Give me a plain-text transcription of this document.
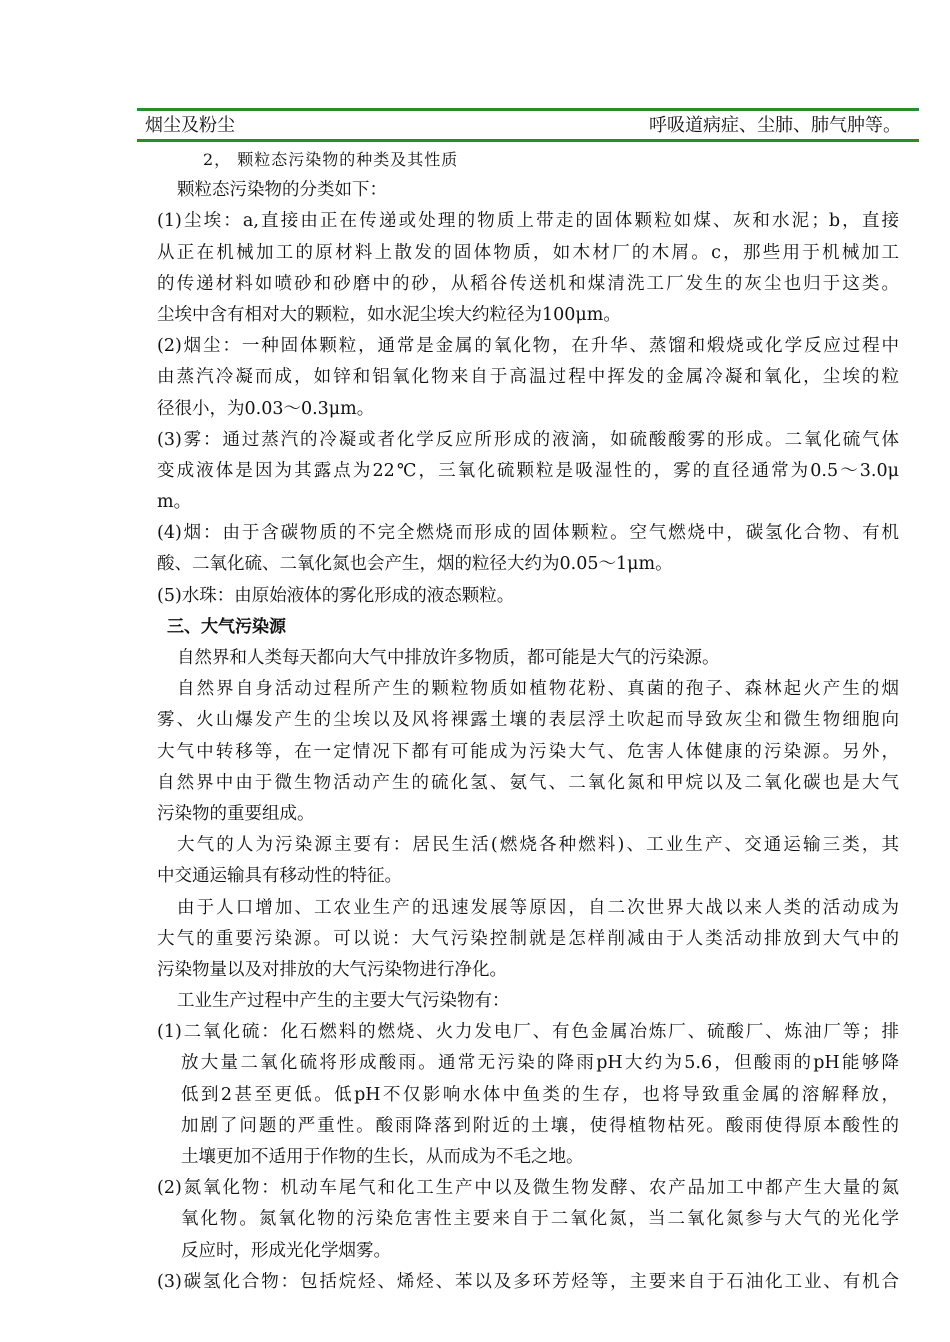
烟尘及粉尘	呼吸道病症、尘肺、肺气肿等。
2， 颗粒态污染物的种类及其性质
颗粒态污染物的分类如下：
(1)尘埃：a,直接由正在传递或处理的物质上带走的固体颗粒如煤、灰和水泥；b，直接
从正在机械加工的原材料上散发的固体物质，如木材厂的木屑。c，那些用于机械加工
的传递材料如喷砂和砂磨中的砂，从稻谷传送机和煤清洗工厂发生的灰尘也归于这类。
尘埃中含有相对大的颗粒，如水泥尘埃大约粒径为100μm。
(2)烟尘：一种固体颗粒，通常是金属的氧化物，在升华、蒸馏和煅烧或化学反应过程中
由蒸汽冷凝而成，如锌和铝氧化物来自于高温过程中挥发的金属冷凝和氧化，尘埃的粒
径很小，为0.03～0.3μm。
(3)雾：通过蒸汽的冷凝或者化学反应所形成的液滴，如硫酸酸雾的形成。二氧化硫气体
变成液体是因为其露点为22℃，三氧化硫颗粒是吸湿性的，雾的直径通常为0.5～3.0μ
m。
(4)烟：由于含碳物质的不完全燃烧而形成的固体颗粒。空气燃烧中，碳氢化合物、有机
酸、二氧化硫、二氧化氮也会产生，烟的粒径大约为0.05～1μm。
(5)水珠：由原始液体的雾化形成的液态颗粒。
三、大气污染源
自然界和人类每天都向大气中排放许多物质，都可能是大气的污染源。
自然界自身活动过程所产生的颗粒物质如植物花粉、真菌的孢子、森林起火产生的烟
雾、火山爆发产生的尘埃以及风将裸露土壤的表层浮土吹起而导致灰尘和微生物细胞向
大气中转移等，在一定情况下都有可能成为污染大气、危害人体健康的污染源。另外，
自然界中由于微生物活动产生的硫化氢、氨气、二氧化氮和甲烷以及二氧化碳也是大气
污染物的重要组成。
大气的人为污染源主要有：居民生活(燃烧各种燃料)、工业生产、交通运输三类，其
中交通运输具有移动性的特征。
由于人口增加、工农业生产的迅速发展等原因，自二次世界大战以来人类的活动成为
大气的重要污染源。可以说：大气污染控制就是怎样削减由于人类活动排放到大气中的
污染物量以及对排放的大气污染物进行净化。
工业生产过程中产生的主要大气污染物有：
(1)二氧化硫：化石燃料的燃烧、火力发电厂、有色金属冶炼厂、硫酸厂、炼油厂等；排
放大量二氧化硫将形成酸雨。通常无污染的降雨pH大约为5.6，但酸雨的pH能够降
低到2甚至更低。低pH不仅影响水体中鱼类的生存，也将导致重金属的溶解释放，
加剧了问题的严重性。酸雨降落到附近的土壤，使得植物枯死。酸雨使得原本酸性的
土壤更加不适用于作物的生长，从而成为不毛之地。
(2)氮氧化物：机动车尾气和化工生产中以及微生物发酵、农产品加工中都产生大量的氮
氧化物。氮氧化物的污染危害性主要来自于二氧化氮，当二氧化氮参与大气的光化学
反应时，形成光化学烟雾。
(3)碳氢化合物：包括烷烃、烯烃、苯以及多环芳烃等，主要来自于石油化工业、有机合
